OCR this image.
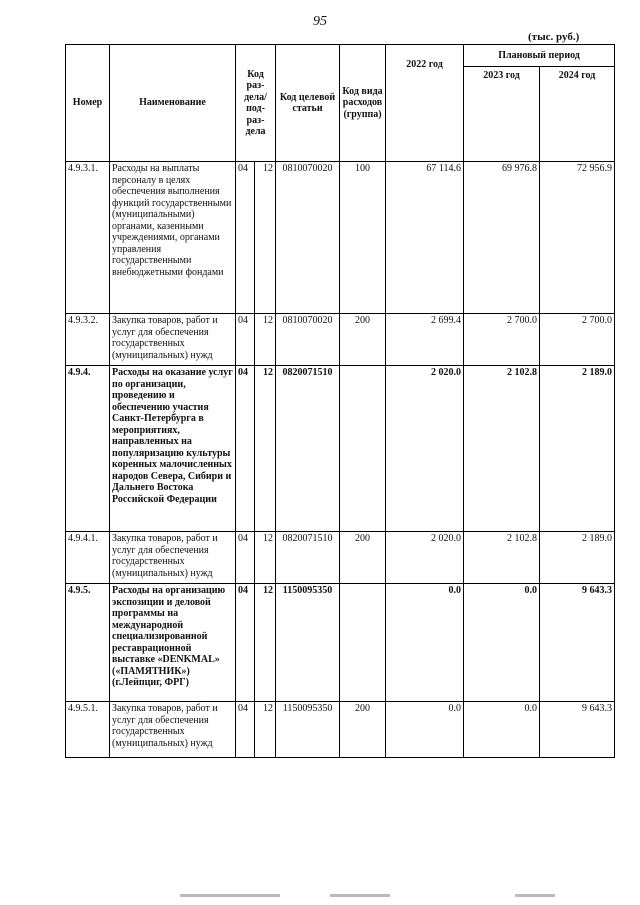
95
(тыс. руб.)
Номер	Наименование	Код раз-дела/ под-раз-дела		Код целевой статьи	Код вида расходов (группа)	2022 год	Плановый период	
							2023 год	2024 год
4.9.3.1.	Расходы на выплаты персоналу в целях обеспечения выполнения функций государственными (муниципальными) органами, казенными учреждениями, органами управления государственными внебюджетными фондами	04	12	0810070020	100	67 114.6	69 976.8	72 956.9
4.9.3.2.	Закупка товаров, работ и услуг для обеспечения государственных (муниципальных) нужд	04	12	0810070020	200	2 699.4	2 700.0	2 700.0
4.9.4.	Расходы на оказание услуг по организации, проведению и обеспечению участия Санкт-Петербурга в мероприятиях, направленных на популяризацию культуры коренных малочисленных народов Севера, Сибири и Дальнего Востока Российской Федерации	04	12	0820071510		2 020.0	2 102.8	2 189.0
4.9.4.1.	Закупка товаров, работ и услуг для обеспечения государственных (муниципальных) нужд	04	12	0820071510	200	2 020.0	2 102.8	2 189.0
4.9.5.	Расходы на организацию экспозиции и деловой программы на международной специализированной реставрационной выставке «DENKMAL» («ПАМЯТНИК») (г.Лейпциг, ФРГ)	04	12	1150095350		0.0	0.0	9 643.3
4.9.5.1.	Закупка товаров, работ и услуг для обеспечения государственных (муниципальных) нужд	04	12	1150095350	200	0.0	0.0	9 643.3
